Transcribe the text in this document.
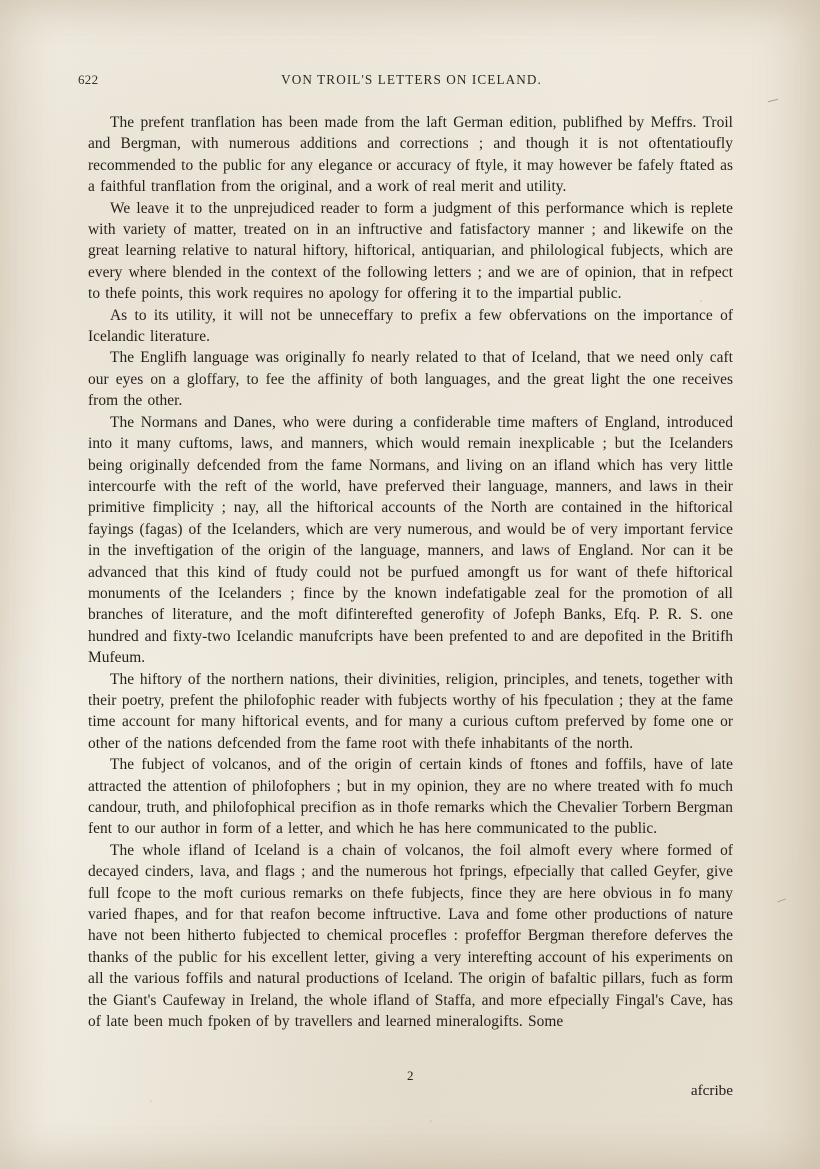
622	VON TROIL'S LETTERS ON ICELAND.

The prefent tranflation has been made from the laft German edition, publifhed by Meffrs. Troil and Bergman, with numerous additions and corrections ; and though it is not oftentatioufly recommended to the public for any elegance or accuracy of ftyle, it may however be fafely ftated as a faithful tranflation from the original, and a work of real merit and utility.

We leave it to the unprejudiced reader to form a judgment of this performance which is replete with variety of matter, treated on in an inftructive and fatisfactory manner ; and likewife on the great learning relative to natural hiftory, hiftorical, antiquarian, and philological fubjects, which are every where blended in the context of the following letters ; and we are of opinion, that in refpect to thefe points, this work requires no apology for offering it to the impartial public.

As to its utility, it will not be unneceffary to prefix a few obfervations on the importance of Icelandic literature.

The Englifh language was originally fo nearly related to that of Iceland, that we need only caft our eyes on a gloffary, to fee the affinity of both languages, and the great light the one receives from the other.

The Normans and Danes, who were during a confiderable time mafters of England, introduced into it many cuftoms, laws, and manners, which would remain inexplicable ; but the Icelanders being originally defcended from the fame Normans, and living on an ifland which has very little intercourfe with the reft of the world, have preferved their language, manners, and laws in their primitive fimplicity ; nay, all the hiftorical accounts of the North are contained in the hiftorical fayings (fagas) of the Icelanders, which are very numerous, and would be of very important fervice in the inveftigation of the origin of the language, manners, and laws of England. Nor can it be advanced that this kind of ftudy could not be purfued amongft us for want of thefe hiftorical monuments of the Icelanders ; fince by the known indefatigable zeal for the promotion of all branches of literature, and the moft difinterefted generofity of Jofeph Banks, Efq. P. R. S. one hundred and fixty-two Icelandic manufcripts have been prefented to and are depofited in the Britifh Mufeum.

The hiftory of the northern nations, their divinities, religion, principles, and tenets, together with their poetry, prefent the philofophic reader with fubjects worthy of his fpeculation ; they at the fame time account for many hiftorical events, and for many a curious cuftom preferved by fome one or other of the nations defcended from the fame root with thefe inhabitants of the north.

The fubject of volcanos, and of the origin of certain kinds of ftones and foffils, have of late attracted the attention of philofophers ; but in my opinion, they are no where treated with fo much candour, truth, and philofophical precifion as in thofe remarks which the Chevalier Torbern Bergman fent to our author in form of a letter, and which he has here communicated to the public.

The whole ifland of Iceland is a chain of volcanos, the foil almoft every where formed of decayed cinders, lava, and flags ; and the numerous hot fprings, efpecially that called Geyfer, give full fcope to the moft curious remarks on thefe fubjects, fince they are here obvious in fo many varied fhapes, and for that reafon become inftructive. Lava and fome other productions of nature have not been hitherto fubjected to chemical procefles : profeffor Bergman therefore deferves the thanks of the public for his excellent letter, giving a very interefting account of his experiments on all the various foffils and natural productions of Iceland. The origin of bafaltic pillars, fuch as form the Giant's Caufeway in Ireland, the whole ifland of Staffa, and more efpecially Fingal's Cave, has of late been much fpoken of by travellers and learned mineralogifts. Some

2
afcribe
